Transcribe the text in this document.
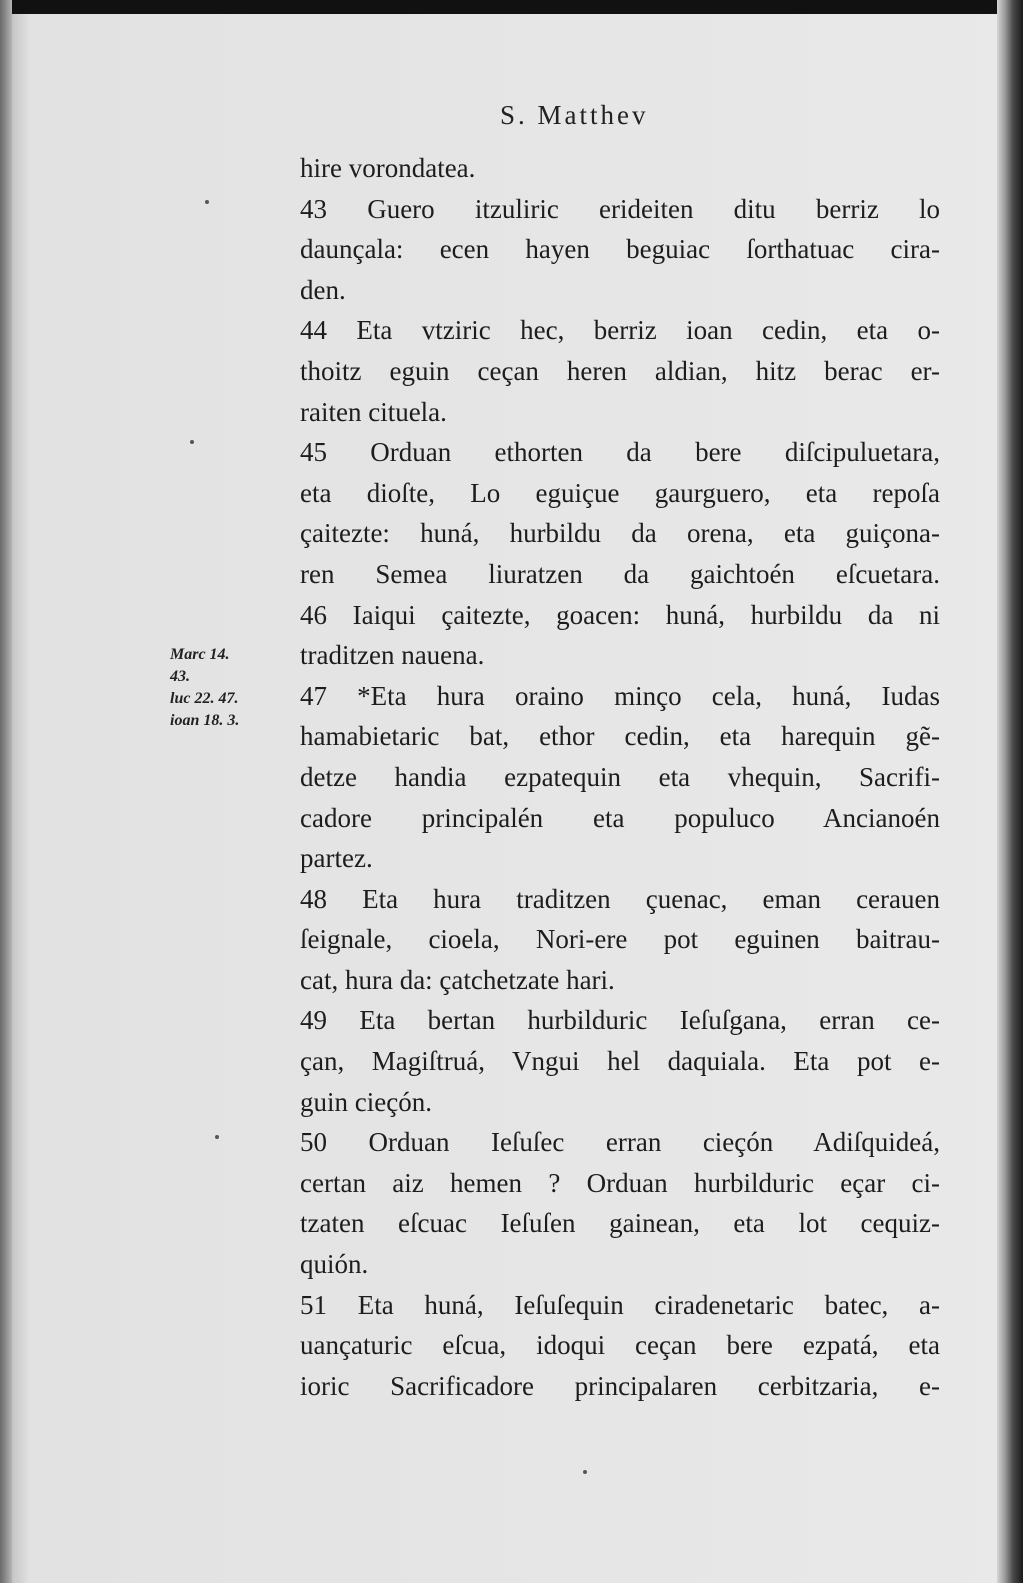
S. Matthev
Marc 14.
43.
luc 22. 47.
ioan 18. 3.
hire vorondatea.
43 Guero itzuliric erideiten ditu berriz lo
daunçala: ecen hayen beguiac ſorthatuac cira-
den.
44 Eta vtziric hec, berriz ioan cedin, eta o-
thoitz eguin ceçan heren aldian, hitz berac er-
raiten cituela.
45 Orduan ethorten da bere diſcipuluetara,
eta dioſte, Lo eguiçue gaurguero, eta repoſa
çaitezte: huná, hurbildu da orena, eta guiçona-
ren Semea liuratzen da gaichtoén eſcuetara.
46 Iaiqui çaitezte, goacen: huná, hurbildu da ni
traditzen nauena.
47 *Eta hura oraino minço cela, huná, Iudas
hamabietaric bat, ethor cedin, eta harequin gẽ-
detze handia ezpatequin eta vhequin, Sacrifi-
cadore principalén eta populuco Ancianoén
partez.
48 Eta hura traditzen çuenac, eman cerauen
ſeignale, cioela, Nori-ere pot eguinen baitrau-
cat, hura da: çatchetzate hari.
49 Eta bertan hurbilduric Ieſuſgana, erran ce-
çan, Magiſtruá, Vngui hel daquiala. Eta pot e-
guin cieçón.
50 Orduan Ieſuſec erran cieçón Adiſquideá,
certan aiz hemen ? Orduan hurbilduric eçar ci-
tzaten eſcuac Ieſuſen gainean, eta lot cequiz-
quión.
51 Eta huná, Ieſuſequin ciradenetaric batec, a-
uançaturic eſcua, idoqui ceçan bere ezpatá, eta
ioric Sacrificadore principalaren cerbitzaria, e-
